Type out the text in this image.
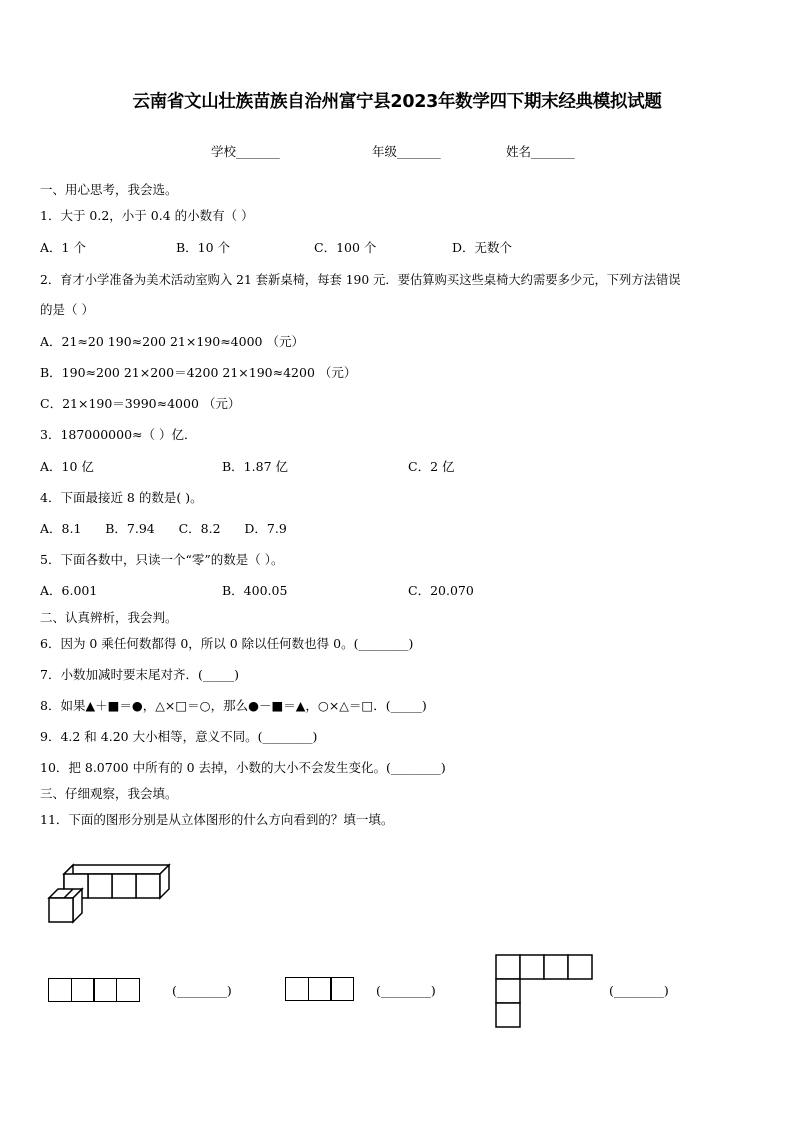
云南省文山壮族苗族自治州富宁县2023年数学四下期末经典模拟试题
学校_______	年级_______	姓名_______
一、用心思考，我会选。
1．大于 0.2，小于 0.4 的小数有（ ）
A．1 个	B．10 个	C．100 个	D．无数个
2．育才小学准备为美术活动室购入 21 套新桌椅，每套 190 元．要估算购买这些桌椅大约需要多少元，下列方法错误
的是（ ）
A．21≈20 190≈200 21×190≈4000 （元）
B．190≈200 21×200＝4200 21×190≈4200 （元）
C．21×190＝3990≈4000 （元）
3．187000000≈（ ）亿．
A．10 亿	B．1.87 亿	C．2 亿
4．下面最接近 8 的数是( )。
A．8.1      B．7.94      C．8.2      D．7.9
5．下面各数中，只读一个“零”的数是（ ）。
A．6.001	B．400.05	C．20.070
二、认真辨析，我会判。
6．因为 0 乘任何数都得 0，所以 0 除以任何数也得 0。(________)
7．小数加减时要末尾对齐．(_____)
8．如果▲＋■＝●，△×□＝○，那么●－■＝▲，○×△＝□．(_____)
9．4.2 和 4.20 大小相等，意义不同。(________)
10．把 8.0700 中所有的 0 去掉，小数的大小不会发生变化。(________)
三、仔细观察，我会填。
11．下面的图形分别是从立体图形的什么方向看到的？填一填。
(________)	(________)	(________)
